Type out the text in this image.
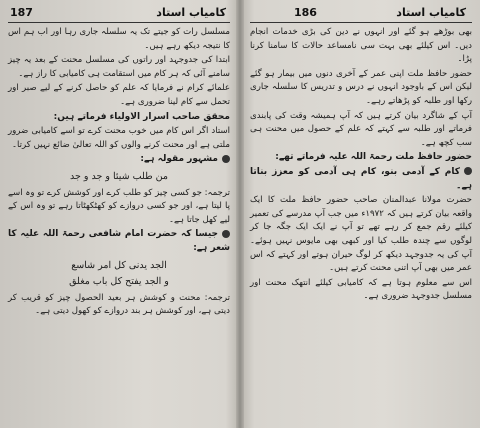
187	کامیاب استاد

مسلسل رات کو جیتے تک یہ سلسلہ جاری رہا اور اب ہم اس کا نتیجہ دیکھ رہے ہیں۔

ابتدا کی جدوجہد اور راتوں کی مسلسل محنت کے بعد یہ چیز سامنے آئی کہ ہر کام میں استقامت ہی کامیابی کا راز ہے۔

علمائے کرام نے فرمایا کہ علم کو حاصل کرنے کے لیے صبر اور تحمل سے کام لینا ضروری ہے۔

محقق صاحب اسرار الاولیاء فرماتے ہیں:

استاد اگر اس کام میں خوب محنت کرے تو اسے کامیابی ضرور ملتی ہے اور محنت کرنے والوں کو اللہ تعالیٰ ضائع نہیں کرتا۔

مشہور مقولہ ہے:

من طلب شیئا و جد و جد

ترجمہ: جو کسی چیز کو طلب کرے اور کوشش کرے تو وہ اسے پا لیتا ہے، اور جو کسی دروازے کو کھٹکھٹاتا رہے تو وہ اس کے لیے کھل جاتا ہے۔

جیسا کہ حضرت امام شافعی رحمۃ اللہ علیہ کا شعر ہے:

الجد یدنی کل امر شاسع

و الجد یفتح کل باب مغلق

ترجمہ: محنت و کوشش ہر بعید الحصول چیز کو قریب کر دیتی ہے، اور کوشش ہر بند دروازے کو کھول دیتی ہے۔

186	کامیاب استاد

بھی بوڑھے ہو گئے اور انہوں نے دین کی بڑی خدمات انجام دیں۔ اس کیلئے بھی بہت سی نامساعد حالات کا سامنا کرنا پڑا۔

حضور حافظ ملت اپنی عمر کے آخری دنوں میں بیمار ہو گئے لیکن اس کے باوجود انہوں نے درس و تدریس کا سلسلہ جاری رکھا اور طلبہ کو پڑھاتے رہے۔

آپ کے شاگرد بیان کرتے ہیں کہ آپ ہمیشہ وقت کی پابندی فرماتے اور طلبہ سے کہتے کہ علم کے حصول میں محنت ہی سب کچھ ہے۔

حضور حافظ ملت رحمۃ اللہ علیہ فرماتے تھے:

کام کے آدمی بنو، کام ہی آدمی کو معزز بناتا ہے۔

حضرت مولانا عبدالمنان صاحب حضور حافظ ملت کا ایک واقعہ بیان کرتے ہیں کہ ۱۹۷۲ء میں جب آپ مدرسے کی تعمیر کیلئے رقم جمع کر رہے تھے تو آپ نے ایک ایک جگہ جا کر لوگوں سے چندہ طلب کیا اور کبھی بھی مایوس نہیں ہوئے۔ آپ کی یہ جدوجہد دیکھ کر لوگ حیران ہوتے اور کہتے کہ اس عمر میں بھی آپ اتنی محنت کرتے ہیں۔

اس سے معلوم ہوتا ہے کہ کامیابی کیلئے انتھک محنت اور مسلسل جدوجہد ضروری ہے۔
